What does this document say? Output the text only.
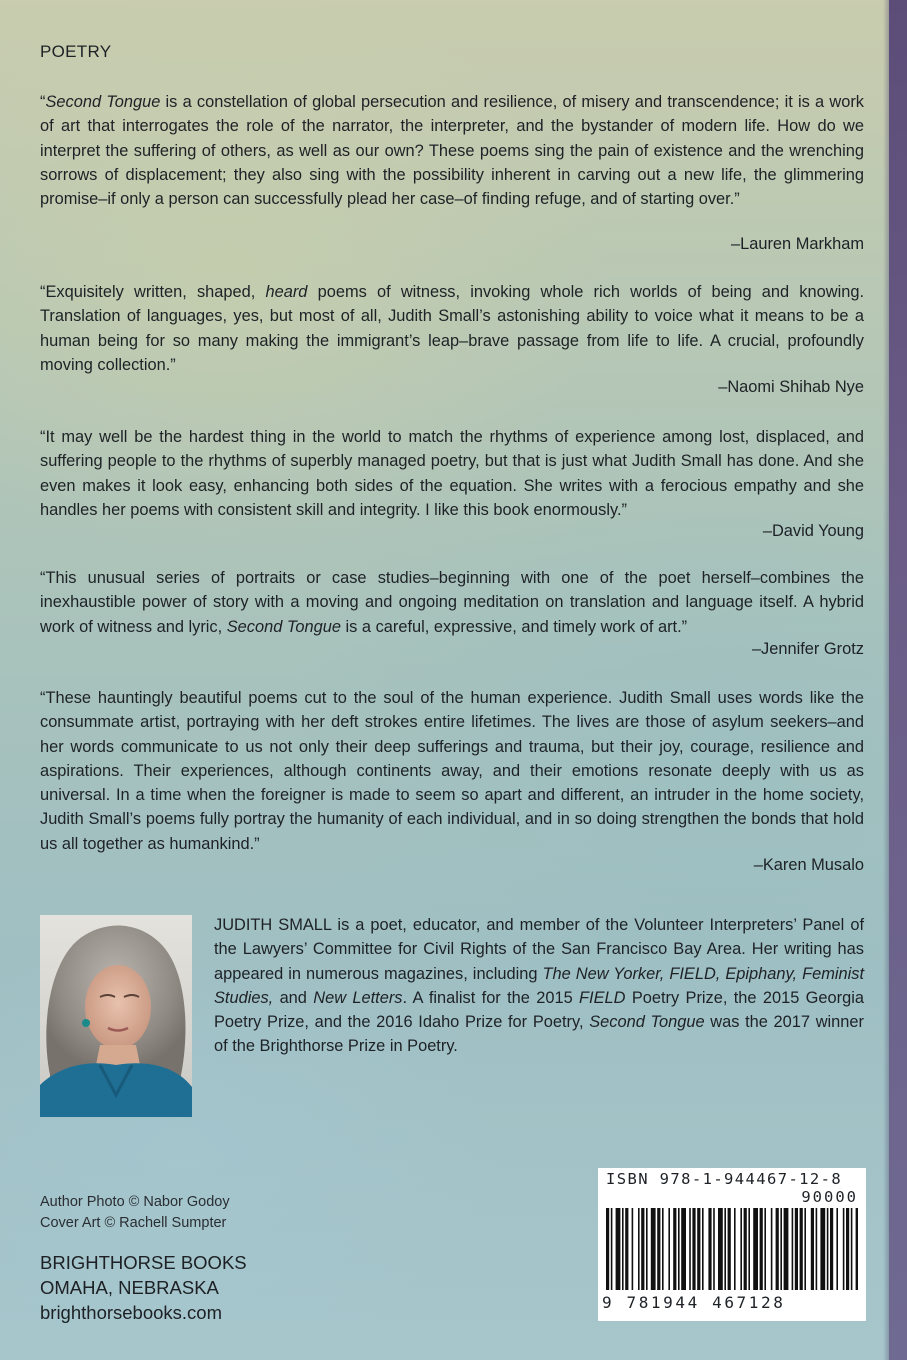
POETRY

“Second Tongue is a constellation of global persecution and resilience, of misery and transcendence; it is a work of art that interrogates the role of the narrator, the interpreter, and the bystander of modern life. How do we interpret the suffering of others, as well as our own? These poems sing the pain of existence and the wrenching sorrows of displacement; they also sing with the possibility inherent in carving out a new life, the glimmering promise–if only a person can successfully plead her case–of finding refuge, and of starting over.”

–Lauren Markham

“Exquisitely written, shaped, heard poems of witness, invoking whole rich worlds of being and knowing. Translation of languages, yes, but most of all, Judith Small’s astonishing ability to voice what it means to be a human being for so many making the immigrant’s leap–brave passage from life to life. A crucial, profoundly moving collection.”

–Naomi Shihab Nye

“It may well be the hardest thing in the world to match the rhythms of experience among lost, displaced, and suffering people to the rhythms of superbly managed poetry, but that is just what Judith Small has done. And she even makes it look easy, enhancing both sides of the equation. She writes with a ferocious empathy and she handles her poems with consistent skill and integrity. I like this book enormously.”

–David Young

“This unusual series of portraits or case studies–beginning with one of the poet herself–combines the inexhaustible power of story with a moving and ongoing meditation on translation and language itself. A hybrid work of witness and lyric, Second Tongue is a careful, expressive, and timely work of art.”

–Jennifer Grotz

“These hauntingly beautiful poems cut to the soul of the human experience. Judith Small uses words like the consummate artist, portraying with her deft strokes entire lifetimes. The lives are those of asylum seekers–and her words communicate to us not only their deep sufferings and trauma, but their joy, courage, resilience and aspirations. Their experiences, although continents away, and their emotions resonate deeply with us as universal. In a time when the foreigner is made to seem so apart and different, an intruder in the home society, Judith Small’s poems fully portray the humanity of each individual, and in so doing strengthen the bonds that hold us all together as humankind.”

–Karen Musalo

JUDITH SMALL is a poet, educator, and member of the Volunteer Interpreters’ Panel of the Lawyers’ Committee for Civil Rights of the San Francisco Bay Area. Her writing has appeared in numerous magazines, including The New Yorker, FIELD, Epiphany, Feminist Studies, and New Letters. A finalist for the 2015 FIELD Poetry Prize, the 2015 Georgia Poetry Prize, and the 2016 Idaho Prize for Poetry, Second Tongue was the 2017 winner of the Brighthorse Prize in Poetry.

Author Photo © Nabor Godoy
Cover Art © Rachell Sumpter
BRIGHTHORSE BOOKS
OMAHA, NEBRASKA
brighthorsebooks.com
ISBN 978-1-944467-12-8
90000
9 781944 467128
